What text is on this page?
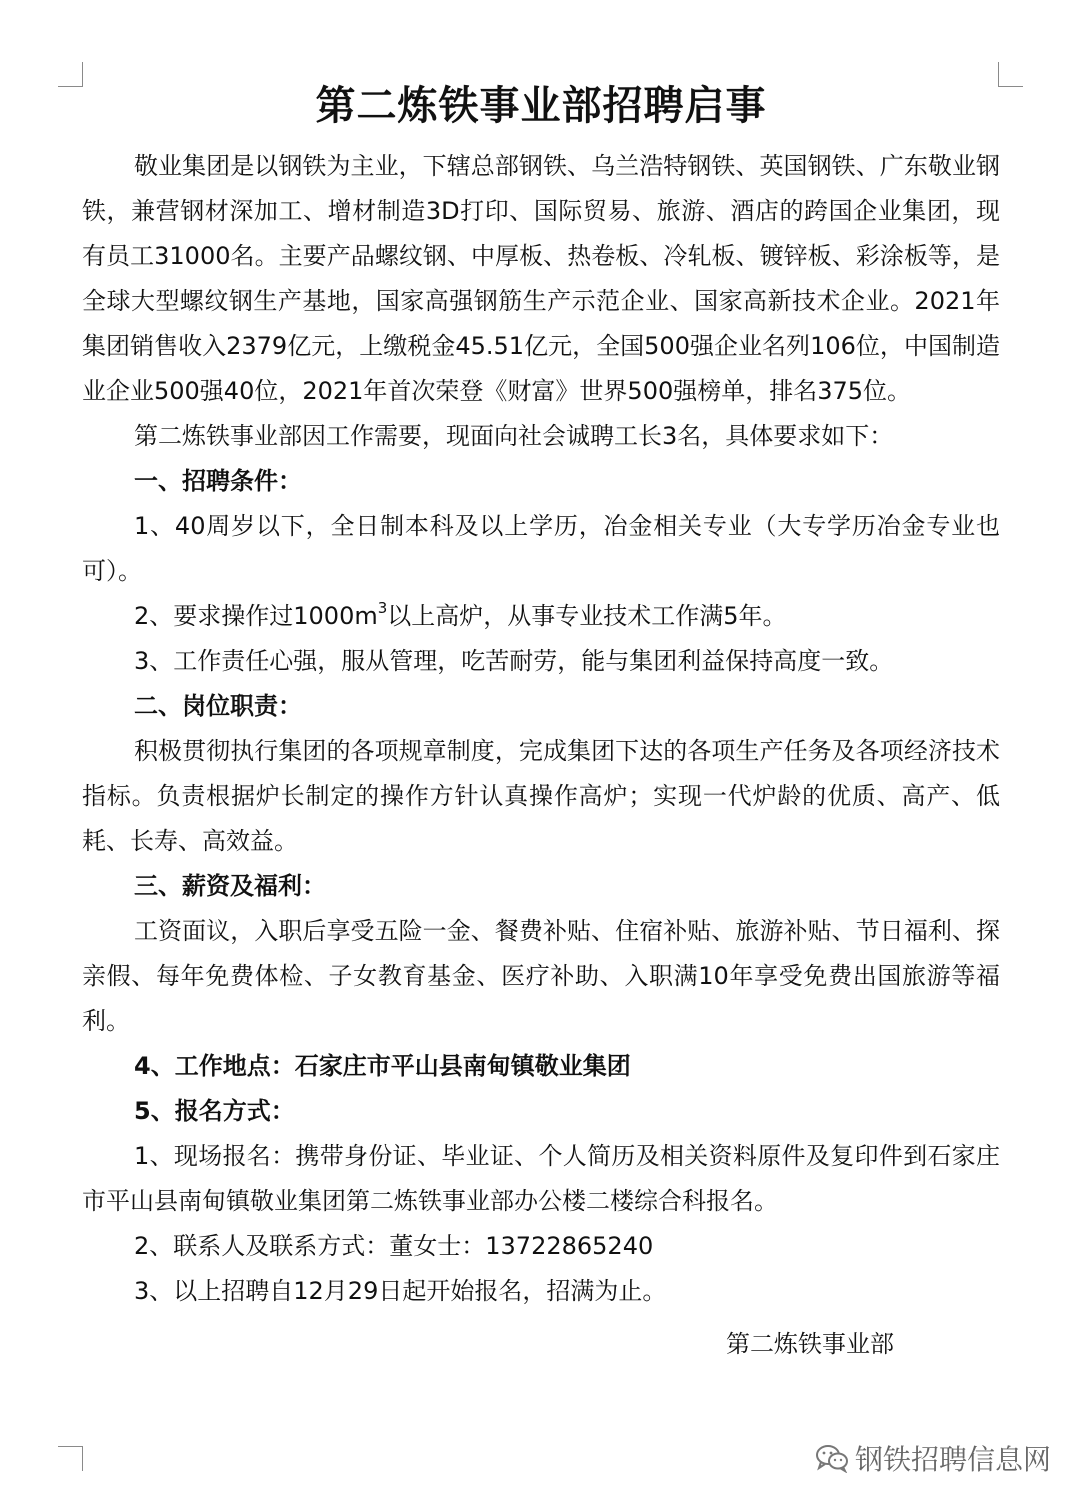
第二炼铁事业部招聘启事

敬业集团是以钢铁为主业，下辖总部钢铁、乌兰浩特钢铁、英国钢铁、广东敬业钢铁，兼营钢材深加工、增材制造3D打印、国际贸易、旅游、酒店的跨国企业集团，现有员工31000名。主要产品螺纹钢、中厚板、热卷板、冷轧板、镀锌板、彩涂板等，是全球大型螺纹钢生产基地，国家高强钢筋生产示范企业、国家高新技术企业。2021年集团销售收入2379亿元，上缴税金45.51亿元，全国500强企业名列106位，中国制造业企业500强40位，2021年首次荣登《财富》世界500强榜单，排名375位。

第二炼铁事业部因工作需要，现面向社会诚聘工长3名，具体要求如下：

一、招聘条件：

1、40周岁以下，全日制本科及以上学历，冶金相关专业（大专学历冶金专业也可）。

2、要求操作过$1000m^3$以上高炉，从事专业技术工作满5年。

3、工作责任心强，服从管理，吃苦耐劳，能与集团利益保持高度一致。

二、岗位职责：

积极贯彻执行集团的各项规章制度，完成集团下达的各项生产任务及各项经济技术指标。负责根据炉长制定的操作方针认真操作高炉；实现一代炉龄的优质、高产、低耗、长寿、高效益。

三、薪资及福利：

工资面议，入职后享受五险一金、餐费补贴、住宿补贴、旅游补贴、节日福利、探亲假、每年免费体检、子女教育基金、医疗补助、入职满10年享受免费出国旅游等福利。

4、工作地点：石家庄市平山县南甸镇敬业集团

5、报名方式：

1、现场报名：携带身份证、毕业证、个人简历及相关资料原件及复印件到石家庄市平山县南甸镇敬业集团第二炼铁事业部办公楼二楼综合科报名。

2、联系人及联系方式：董女士：13722865240

3、以上招聘自12月29日起开始报名，招满为止。

第二炼铁事业部

钢铁招聘信息网
